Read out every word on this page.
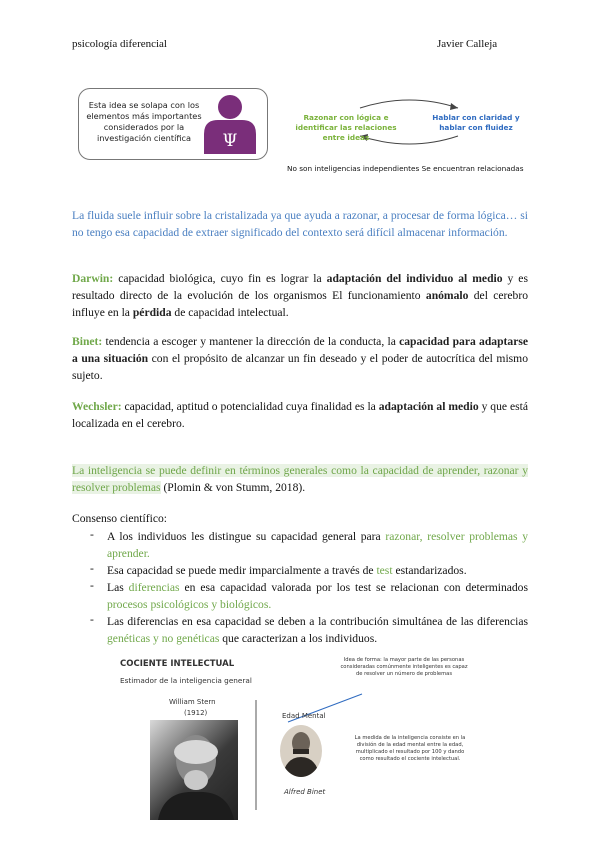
psicología diferencial	Javier Calleja
Esta idea se solapa con los elementos más importantes considerados por la investigación científica	Ψ
Razonar con lógica e identificar las relaciones entre ideas
Hablar con claridad y hablar con fluidez
No son inteligencias independientes Se encuentran relacionadas
La fluida suele influir sobre la cristalizada ya que ayuda a razonar, a procesar de forma lógica… si no tengo esa capacidad de extraer significado del contexto será difícil almacenar información.
Darwin: capacidad biológica, cuyo fin es lograr la adaptación del individuo al medio y es resultado directo de la evolución de los organismos El funcionamiento anómalo del cerebro influye en la pérdida de capacidad intelectual.
Binet: tendencia a escoger y mantener la dirección de la conducta, la capacidad para adaptarse a una situación con el propósito de alcanzar un fin deseado y el poder de autocrítica del mismo sujeto.
Wechsler: capacidad, aptitud o potencialidad cuya finalidad es la adaptación al medio y que está localizada en el cerebro.
La inteligencia se puede definir en términos generales como la capacidad de aprender, razonar y resolver problemas (Plomin & von Stumm, 2018).
Consenso científico:
- A los individuos les distingue su capacidad general para razonar, resolver problemas y aprender.
- Esa capacidad se puede medir imparcialmente a través de test estandarizados.
- Las diferencias en esa capacidad valorada por los test se relacionan con determinados procesos psicológicos y biológicos.
- Las diferencias en esa capacidad se deben a la contribución simultánea de las diferencias genéticas y no genéticas que caracterizan a los individuos.
COCIENTE INTELECTUAL
Estimador de la inteligencia general
William Stern
(1912)	Edad Mental
Alfred Binet
Idea de forma: la mayor parte de las personas consideradas comúnmente inteligentes es capaz de resolver un número de problemas
La medida de la inteligencia consiste en la división de la edad mental entre la edad, multiplicado el resultado por 100 y dando como resultado el cociente intelectual.
